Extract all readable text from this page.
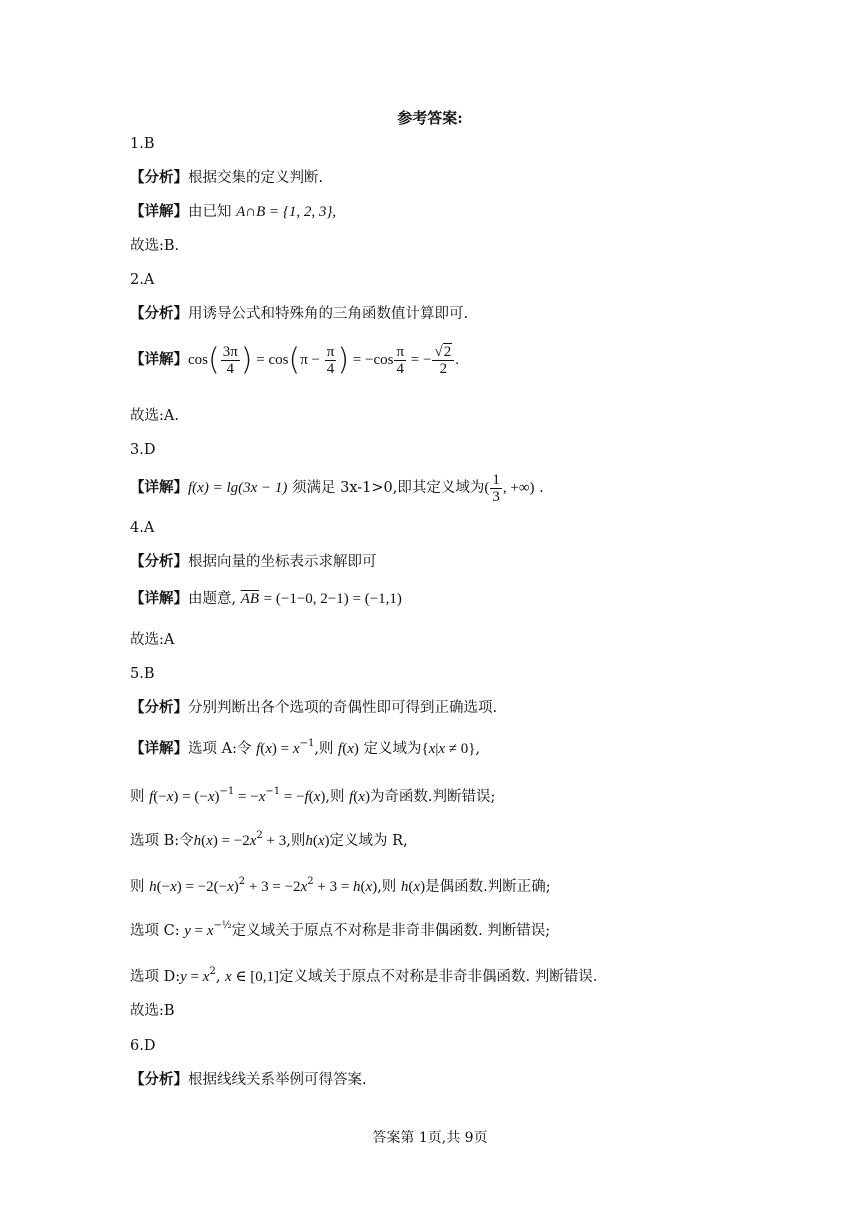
参考答案:
1.B
【分析】根据交集的定义判断.
【详解】由已知 A∩B = {1, 2, 3},
故选:B.
2.A
【分析】用诱导公式和特殊角的三角函数值计算即可.
【详解】$\cos( \frac{3\pi}{4}$ ) = $\cos(\pi - \frac{\pi}{4}$ ) = $-\cos \frac{\pi}{4}$ = − $\frac{√2}{2}$ .
故选:A.
3.D
【详解】f(x) = lg(3x − 1) 须满足 3x-1>0,即其定义域为( $\frac{1}{3}$ , +∞) .
4.A
【分析】根据向量的坐标表示求解即可
【详解】由题意, $\overline{AB} = (-1-0$, 2−1) = (−1,1)
故选:A
5.B
【分析】分别判断出各个选项的奇偶性即可得到正确选项.
【详解】选项 A:令 $f(x) = x^{-1}$,则 f(x) 定义域为{x|x ≠ 0},
则 $f(-x) = (-x)^{-1} = -x^{-1} = -f(x)$,则 f(x)为奇函数.判断错误;
选项 B:令$h(x) = -2x^2 + 3$,则h(x)定义域为 R,
则 $h(-x) = -2(-x)^2 + 3 = -2x^2 + 3 = h(x)$,则 h(x)是偶函数.判断正确;
选项 C: $y = x^{-\frac{1}{2}}$定义域关于原点不对称是非奇非偶函数. 判断错误;
选项 D:y = $x^2$, x ∈ [0,1]定义域关于原点不对称是非奇非偶函数. 判断错误.
故选:B
6.D
【分析】根据线线关系举例可得答案.
答案第 1页,共 9页
